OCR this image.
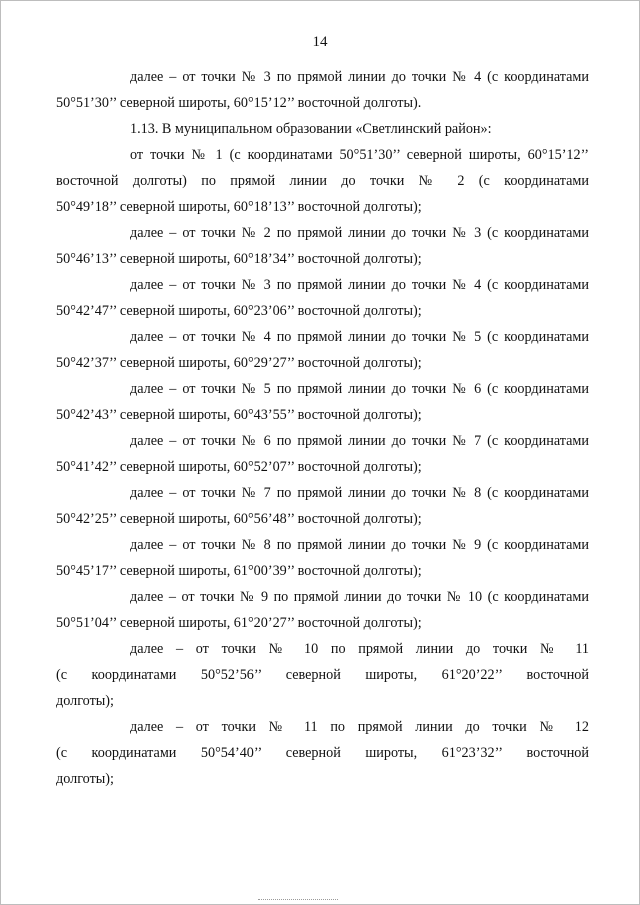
14

далее – от точки № 3 по прямой линии до точки № 4 (с координатами
50°51’30’’ северной широты, 60°15’12’’ восточной долготы).

1.13. В муниципальном образовании «Светлинский район»:

от точки № 1 (с координатами 50°51’30’’ северной широты, 60°15’12’’
восточной долготы) по прямой линии до точки № 2 (с координатами
50°49’18’’ северной широты, 60°18’13’’ восточной долготы);

далее – от точки № 2 по прямой линии до точки № 3 (с координатами
50°46’13’’ северной широты, 60°18’34’’ восточной долготы);

далее – от точки № 3 по прямой линии до точки № 4 (с координатами
50°42’47’’ северной широты, 60°23’06’’ восточной долготы);

далее – от точки № 4 по прямой линии до точки № 5 (с координатами
50°42’37’’ северной широты, 60°29’27’’ восточной долготы);

далее – от точки № 5 по прямой линии до точки № 6 (с координатами
50°42’43’’ северной широты, 60°43’55’’ восточной долготы);

далее – от точки № 6 по прямой линии до точки № 7 (с координатами
50°41’42’’ северной широты, 60°52’07’’ восточной долготы);

далее – от точки № 7 по прямой линии до точки № 8 (с координатами
50°42’25’’ северной широты, 60°56’48’’ восточной долготы);

далее – от точки № 8 по прямой линии до точки № 9 (с координатами
50°45’17’’ северной широты, 61°00’39’’ восточной долготы);

далее – от точки № 9 по прямой линии до точки № 10 (с координатами
50°51’04’’ северной широты, 61°20’27’’ восточной долготы);

далее – от точки № 10 по прямой линии до точки № 11
(с координатами 50°52’56’’ северной широты, 61°20’22’’ восточной
долготы);

далее – от точки № 11 по прямой линии до точки № 12
(с координатами 50°54’40’’ северной широты, 61°23’32’’ восточной
долготы);
